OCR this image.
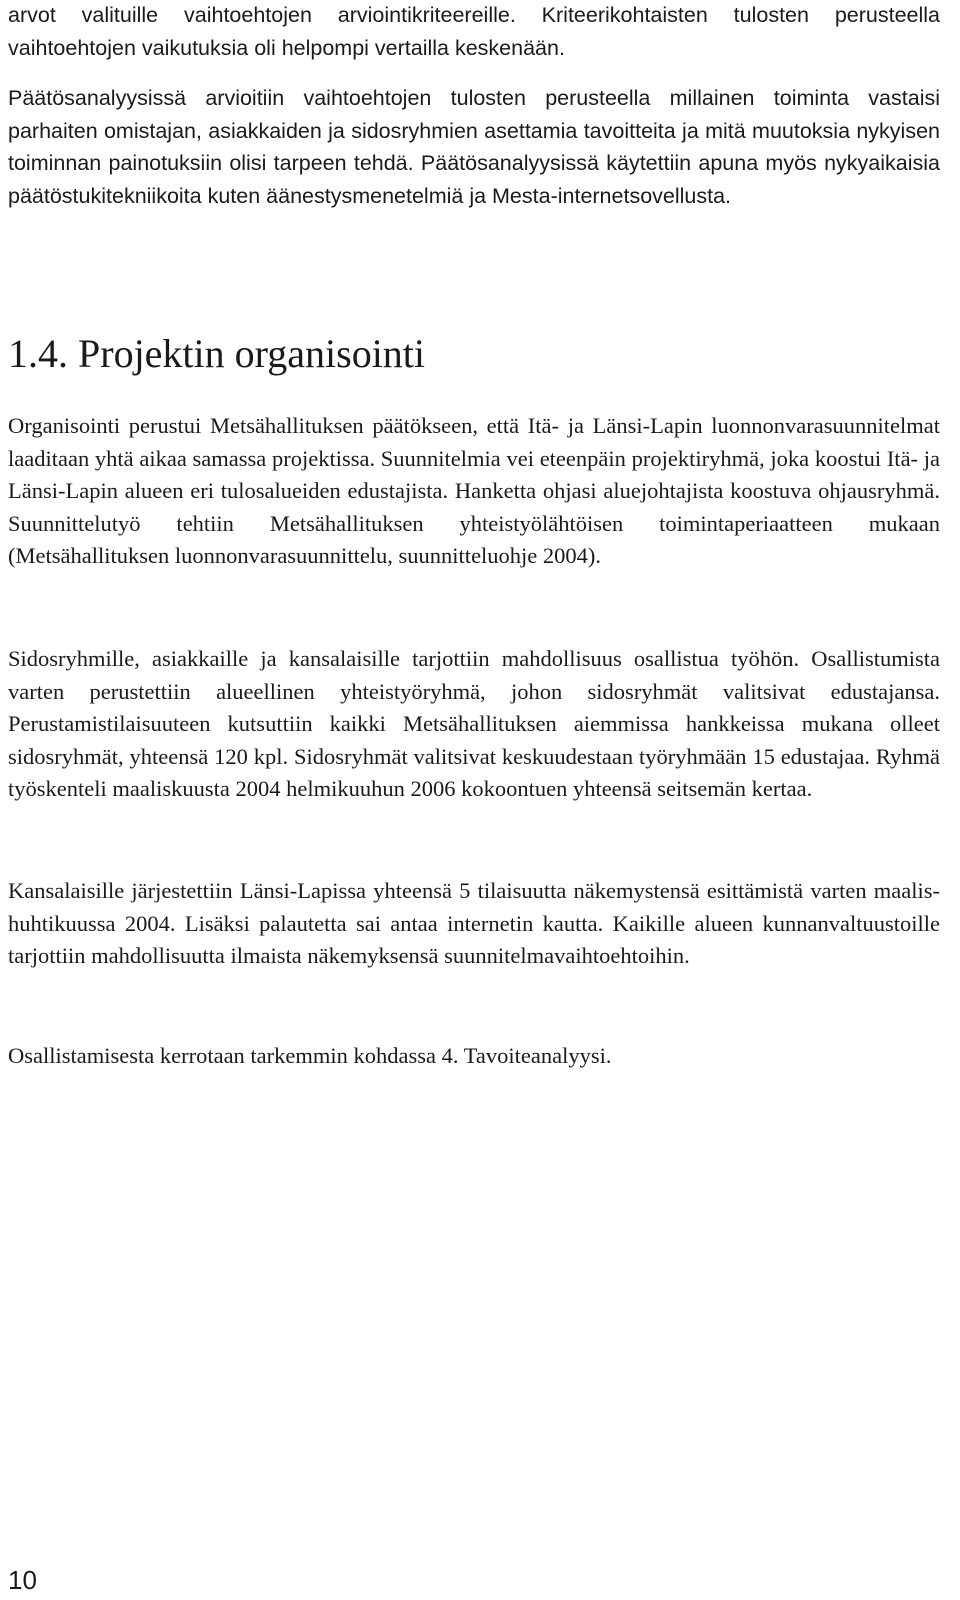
arvot valituille vaihtoehtojen arviointikriteereille. Kriteerikohtaisten tulosten perusteella vaihtoehtojen vaikutuksia oli helpompi vertailla keskenään.

Päätösanalyysissä arvioitiin vaihtoehtojen tulosten perusteella millainen toiminta vastaisi parhaiten omistajan, asiakkaiden ja sidosryhmien asettamia tavoitteita ja mitä muutoksia nykyisen toiminnan painotuksiin olisi tarpeen tehdä. Päätösanalyysissä käytettiin apuna myös nykyaikaisia päätöstukitekniikoita kuten äänestysmenetelmiä ja Mesta-internetsovellusta.

1.4. Projektin organisointi

Organisointi perustui Metsähallituksen päätökseen, että Itä- ja Länsi-Lapin luonnonvarasuunnitelmat laaditaan yhtä aikaa samassa projektissa. Suunnitelmia vei eteenpäin projektiryhmä, joka koostui Itä- ja Länsi-Lapin alueen eri tulosalueiden edustajista. Hanketta ohjasi aluejohtajista koostuva ohjausryhmä. Suunnittelutyö tehtiin Metsähallituksen yhteistyölähtöisen toimintaperiaatteen mukaan (Metsähallituksen luonnonvarasuunnittelu, suunnitteluohje 2004).

Sidosryhmille, asiakkaille ja kansalaisille tarjottiin mahdollisuus osallistua työhön. Osallistumista varten perustettiin alueellinen yhteistyöryhmä, johon sidosryhmät valitsivat edustajansa. Perustamistilaisuuteen kutsuttiin kaikki Metsähallituksen aiemmissa hankkeissa mukana olleet sidosryhmät, yhteensä 120 kpl. Sidosryhmät valitsivat keskuudestaan työryhmään 15 edustajaa. Ryhmä työskenteli maaliskuusta 2004 helmikuuhun 2006 kokoontuen yhteensä seitsemän kertaa.

Kansalaisille järjestettiin Länsi-Lapissa yhteensä 5 tilaisuutta näkemystensä esittämistä varten maalis-huhtikuussa 2004. Lisäksi palautetta sai antaa internetin kautta. Kaikille alueen kunnanvaltuustoille tarjottiin mahdollisuutta ilmaista näkemyksensä suunnitelmavaihtoehtoihin.

Osallistamisesta kerrotaan tarkemmin kohdassa 4. Tavoiteanalyysi.

10
